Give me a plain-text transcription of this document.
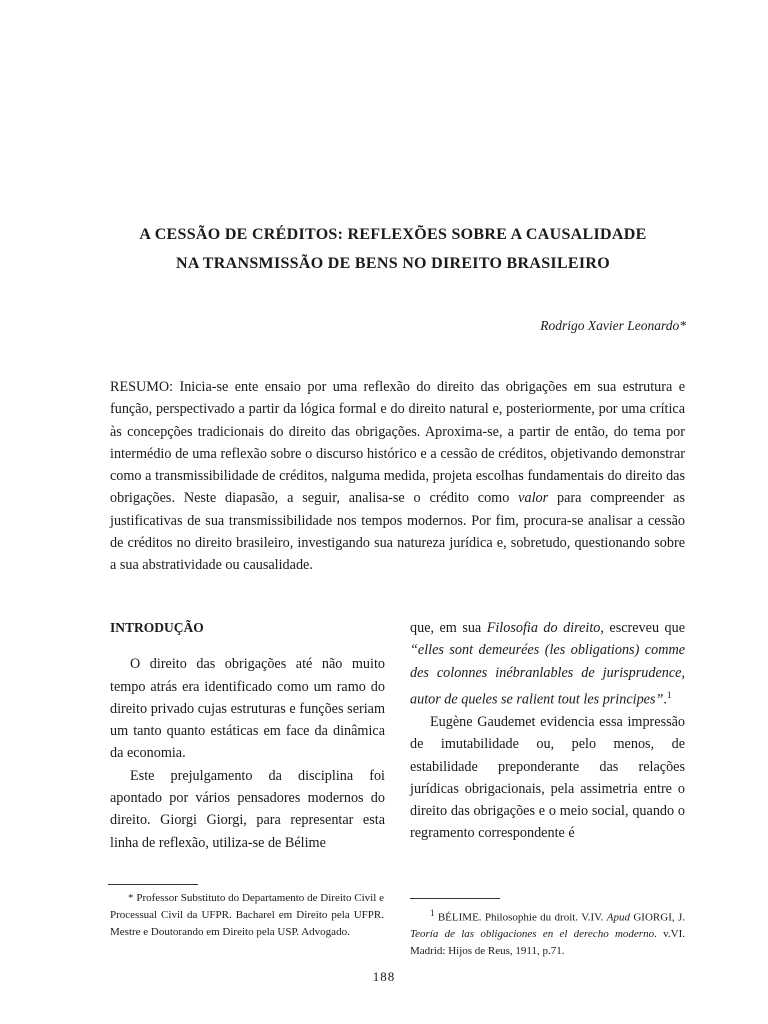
A CESSÃO DE CRÉDITOS: REFLEXÕES SOBRE A CAUSALIDADE
NA TRANSMISSÃO DE BENS NO DIREITO BRASILEIRO
Rodrigo Xavier Leonardo*
RESUMO: Inicia-se ente ensaio por uma reflexão do direito das obrigações em sua estrutura e função, perspectivado a partir da lógica formal e do direito natural e, posteriormente, por uma crítica às concepções tradicionais do direito das obrigações. Aproxima-se, a partir de então, do tema por intermédio de uma reflexão sobre o discurso histórico e a cessão de créditos, objetivando demonstrar como a transmissibilidade de créditos, nalguma medida, projeta escolhas fundamentais do direito das obrigações. Neste diapasão, a seguir, analisa-se o crédito como valor para compreender as justificativas de sua transmissibilidade nos tempos modernos. Por fim, procura-se analisar a cessão de créditos no direito brasileiro, investigando sua natureza jurídica e, sobretudo, questionando sobre a sua abstratividade ou causalidade.

INTRODUÇÃO

O direito das obrigações até não muito tempo atrás era identificado como um ramo do direito privado cujas estruturas e funções seriam um tanto quanto estáticas em face da dinâmica da economia.

Este prejulgamento da disciplina foi apontado por vários pensadores modernos do direito. Giorgi Giorgi, para representar esta linha de reflexão, utiliza-se de Bélime

que, em sua Filosofia do direito, escreveu que “elles sont demeurées (les obligations) comme des colonnes inébranlables de jurisprudence, autor de queles se ralient tout les principes”.$^1$

Eugène Gaudemet evidencia essa impressão de imutabilidade ou, pelo menos, de estabilidade preponderante das relações jurídicas obrigacionais, pela assimetria entre o direito das obrigações e o meio social, quando o regramento correspondente é

* Professor Substituto do Departamento de Direito Civil e Processual Civil da UFPR. Bacharel em Direito pela UFPR. Mestre e Doutorando em Direito pela USP. Advogado.
$^1$ BÉLIME. Philosophie du droit. V.IV. Apud GIORGI, J. Teoría de las obligaciones en el derecho moderno. v.VI. Madrid: Hijos de Reus, 1911, p.71.
188
